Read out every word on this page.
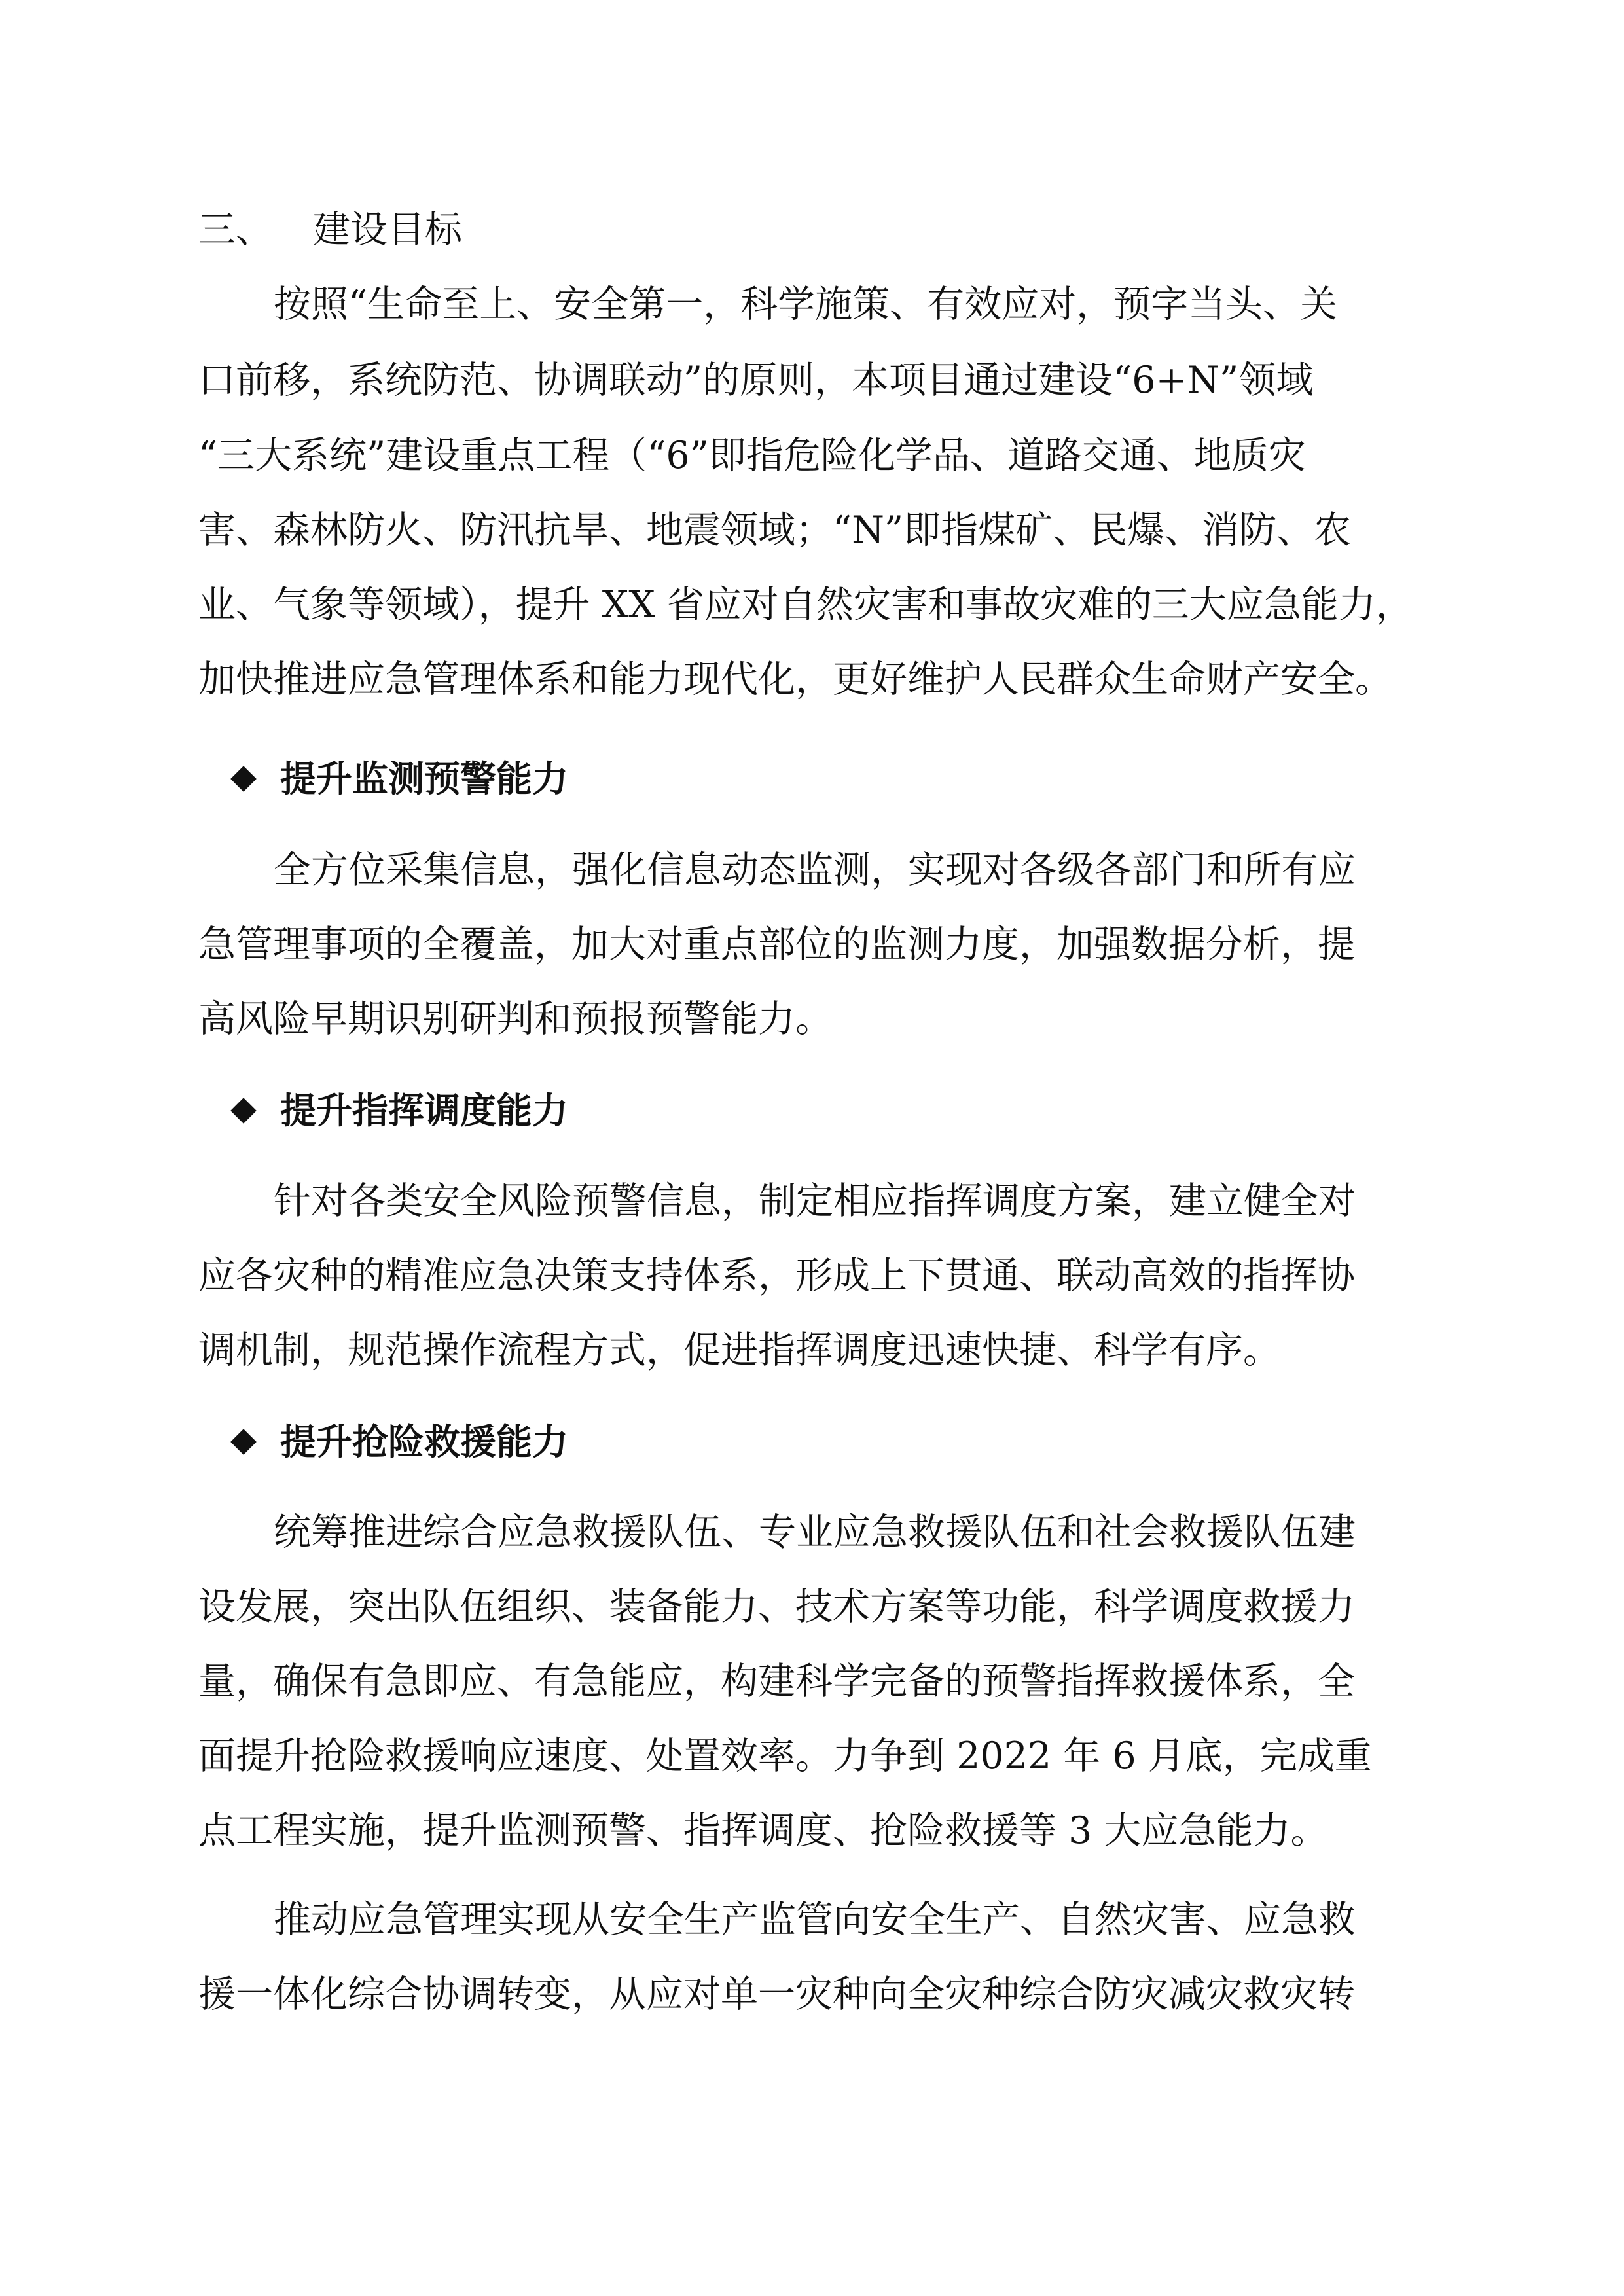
三、 建设目标
按照“生命至上、安全第一，科学施策、有效应对，预字当头、关
口前移，系统防范、协调联动”的原则，本项目通过建设“6+N”领域
“三大系统”建设重点工程（“6”即指危险化学品、道路交通、地质灾
害、森林防火、防汛抗旱、地震领域；“N”即指煤矿、民爆、消防、农
业、气象等领域），提升 XX 省应对自然灾害和事故灾难的三大应急能力，
加快推进应急管理体系和能力现代化，更好维护人民群众生命财产安全。
提升监测预警能力
全方位采集信息，强化信息动态监测，实现对各级各部门和所有应
急管理事项的全覆盖，加大对重点部位的监测力度，加强数据分析，提
高风险早期识别研判和预报预警能力。
提升指挥调度能力
针对各类安全风险预警信息，制定相应指挥调度方案，建立健全对
应各灾种的精准应急决策支持体系，形成上下贯通、联动高效的指挥协
调机制，规范操作流程方式，促进指挥调度迅速快捷、科学有序。
提升抢险救援能力
统筹推进综合应急救援队伍、专业应急救援队伍和社会救援队伍建
设发展，突出队伍组织、装备能力、技术方案等功能，科学调度救援力
量，确保有急即应、有急能应，构建科学完备的预警指挥救援体系，全
面提升抢险救援响应速度、处置效率。力争到 2022 年 6 月底，完成重
点工程实施，提升监测预警、指挥调度、抢险救援等 3 大应急能力。
推动应急管理实现从安全生产监管向安全生产、自然灾害、应急救
援一体化综合协调转变，从应对单一灾种向全灾种综合防灾减灾救灾转
